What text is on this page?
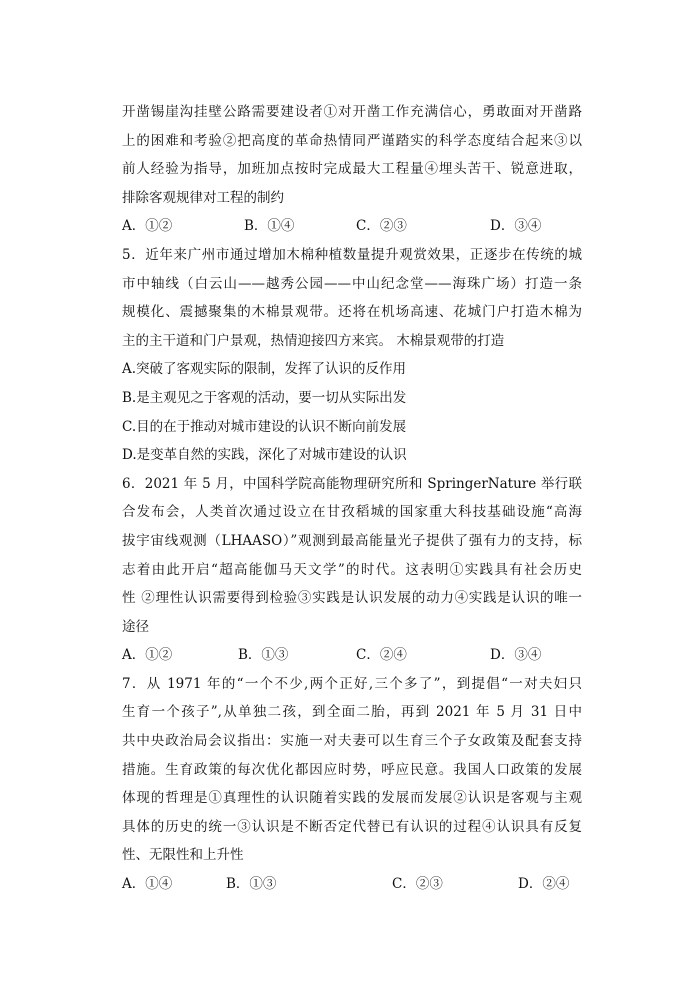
开凿锡崖沟挂壁公路需要建设者①对开凿工作充满信心，勇敢面对开凿路
上的困难和考验②把高度的革命热情同严谨踏实的科学态度结合起来③以
前人经验为指导，加班加点按时完成最大工程量④埋头苦干、锐意进取，
排除客观规律对工程的制约
A．①②	B．①④	C．②③	D．③④
5．近年来广州市通过增加木棉种植数量提升观赏效果，正逐步在传统的城
市中轴线（白云山——越秀公园——中山纪念堂——海珠广场）打造一条
规模化、震撼聚集的木棉景观带。还将在机场高速、花城门户打造木棉为
主的主干道和门户景观，热情迎接四方来宾。 木棉景观带的打造
A.突破了客观实际的限制，发挥了认识的反作用
B.是主观见之于客观的活动，要一切从实际出发
C.目的在于推动对城市建设的认识不断向前发展
D.是变革自然的实践，深化了对城市建设的认识
6．2021 年 5 月，中国科学院高能物理研究所和 SpringerNature 举行联
合发布会，人类首次通过设立在甘孜稻城的国家重大科技基础设施“高海
拔宇宙线观测（LHAASO）”观测到最高能量光子提供了强有力的支持，标
志着由此开启“超高能伽马天文学”的时代。这表明①实践具有社会历史
性 ②理性认识需要得到检验③实践是认识发展的动力④实践是认识的唯一
途径
A．①②	B．①③	C．②④	D．③④
7．从 1971 年的“一个不少,两个正好,三个多了”，到提倡“一对夫妇只
生育一个孩子”,从单独二孩，到全面二胎，再到 2021 年 5 月 31 日中
共中央政治局会议指出：实施一对夫妻可以生育三个子女政策及配套支持
措施。生育政策的每次优化都因应时势，呼应民意。我国人口政策的发展
体现的哲理是①真理性的认识随着实践的发展而发展②认识是客观与主观
具体的历史的统一③认识是不断否定代替已有认识的过程④认识具有反复
性、无限性和上升性
A．①④	B．①③	C．②③	D．②④
